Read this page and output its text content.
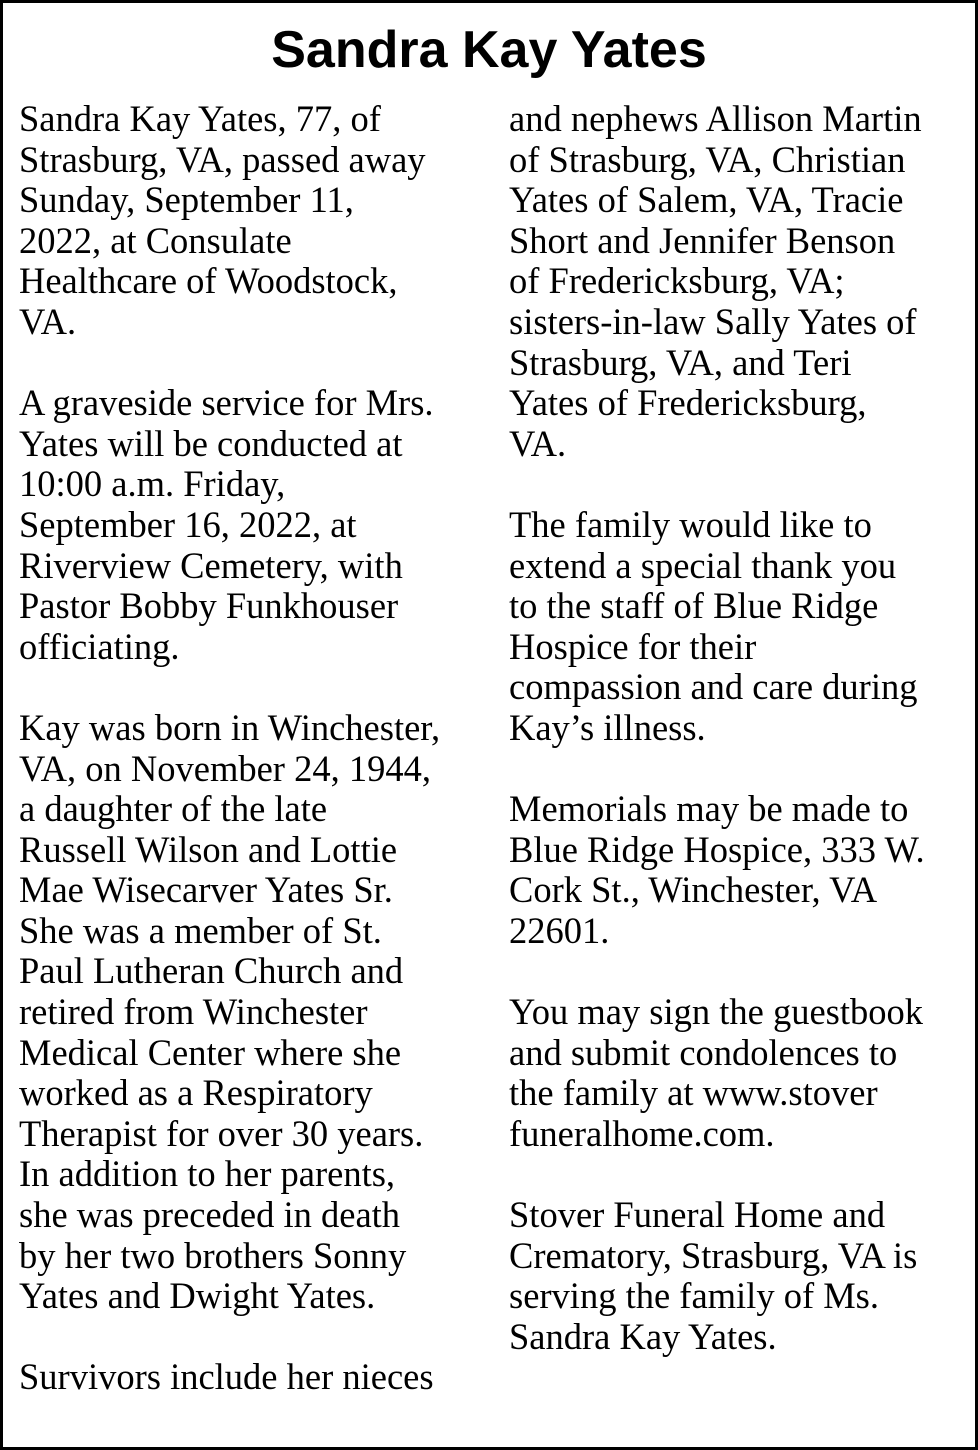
Sandra Kay Yates
Sandra Kay Yates, 77, of
Strasburg, VA, passed away
Sunday, September 11,
2022, at Consulate
Healthcare of Woodstock,
VA.
A graveside service for Mrs.
Yates will be conducted at
10:00 a.m. Friday,
September 16, 2022, at
Riverview Cemetery, with
Pastor Bobby Funkhouser
officiating.
Kay was born in Winchester,
VA, on November 24, 1944,
a daughter of the late
Russell Wilson and Lottie
Mae Wisecarver Yates Sr.
She was a member of St.
Paul Lutheran Church and
retired from Winchester
Medical Center where she
worked as a Respiratory
Therapist for over 30 years.
In addition to her parents,
she was preceded in death
by her two brothers Sonny
Yates and Dwight Yates.
Survivors include her nieces
and nephews Allison Martin
of Strasburg, VA, Christian
Yates of Salem, VA, Tracie
Short and Jennifer Benson
of Fredericksburg, VA;
sisters-in-law Sally Yates of
Strasburg, VA, and Teri
Yates of Fredericksburg,
VA.
The family would like to
extend a special thank you
to the staff of Blue Ridge
Hospice for their
compassion and care during
Kay’s illness.
Memorials may be made to
Blue Ridge Hospice, 333 W.
Cork St., Winchester, VA
22601.
You may sign the guestbook
and submit condolences to
the family at www.stover
funeralhome.com.
Stover Funeral Home and
Crematory, Strasburg, VA is
serving the family of Ms.
Sandra Kay Yates.
